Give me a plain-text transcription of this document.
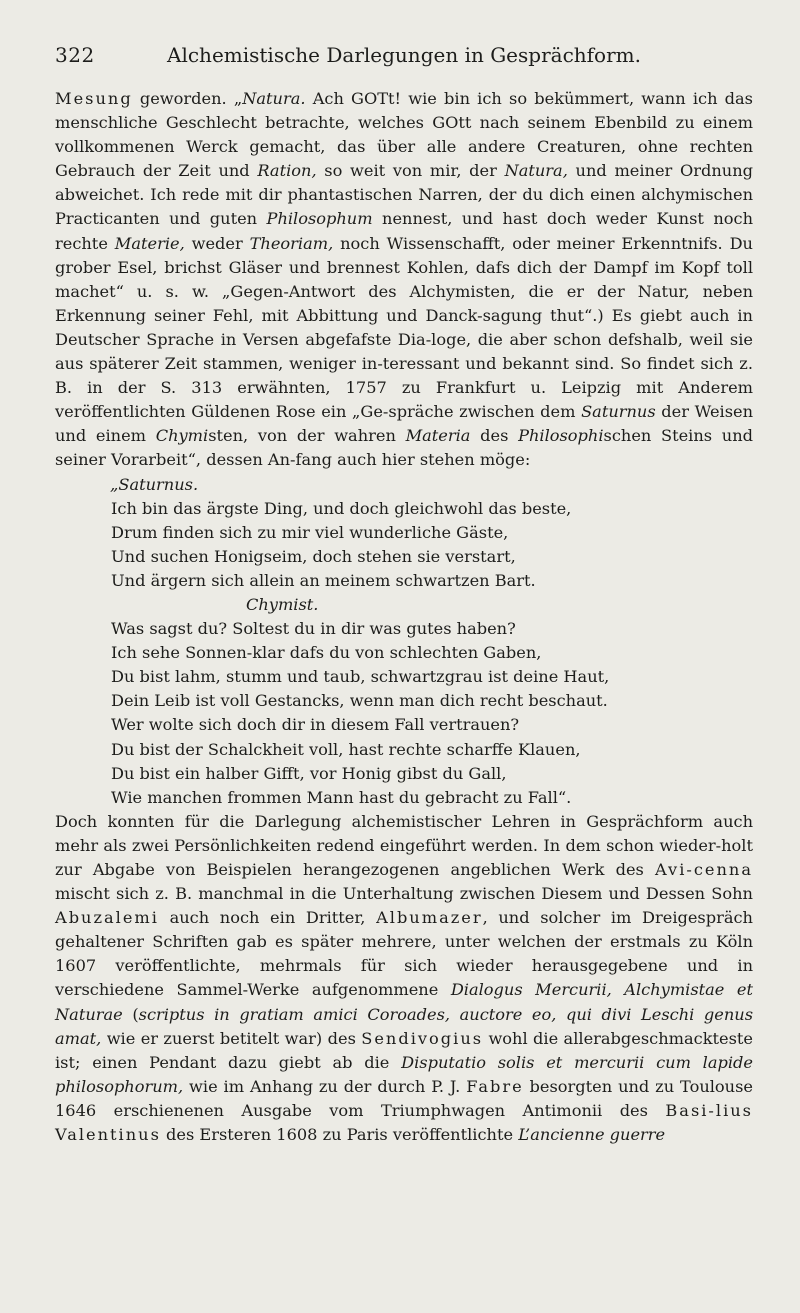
322	Alchemistische Darlegungen in Gesprächform.

Mesung geworden. „Natura. Ach GOTt! wie bin ich so bekümmert, wann ich das menschliche Geschlecht betrachte, welches GOtt nach seinem Ebenbild zu einem vollkommenen Werck gemacht, das über alle andere Creaturen, ohne rechten Gebrauch der Zeit und Ration, so weit von mir, der Natura, und meiner Ordnung abweichet. Ich rede mit dir phantastischen Narren, der du dich einen alchymischen Practicanten und guten Philosophum nennest, und hast doch weder Kunst noch rechte Materie, weder Theoriam, noch Wissenschafft, oder meiner Erkenntnifs. Du grober Esel, brichst Gläser und brennest Kohlen, dafs dich der Dampf im Kopf toll machet“ u. s. w. „Gegen-Antwort des Alchymisten, die er der Natur, neben Erkennung seiner Fehl, mit Abbittung und Danck-sagung thut“.) Es giebt auch in Deutscher Sprache in Versen abgefafste Dia-loge, die aber schon defshalb, weil sie aus späterer Zeit stammen, weniger in-teressant und bekannt sind. So findet sich z. B. in der S. 313 erwähnten, 1757 zu Frankfurt u. Leipzig mit Anderem veröffentlichten Güldenen Rose ein „Ge-spräche zwischen dem Saturnus der Weisen und einem Chymisten, von der wahren Materia des Philosophischen Steins und seiner Vorarbeit“, dessen An-fang auch hier stehen möge:

„Saturnus.
Ich bin das ärgste Ding, und doch gleichwohl das beste,
Drum finden sich zu mir viel wunderliche Gäste,
Und suchen Honigseim, doch stehen sie verstart,
Und ärgern sich allein an meinem schwartzen Bart.
Chymist.
Was sagst du? Soltest du in dir was gutes haben?
Ich sehe Sonnen-klar dafs du von schlechten Gaben,
Du bist lahm, stumm und taub, schwartzgrau ist deine Haut,
Dein Leib ist voll Gestancks, wenn man dich recht beschaut.
Wer wolte sich doch dir in diesem Fall vertrauen?
Du bist der Schalckheit voll, hast rechte scharffe Klauen,
Du bist ein halber Gifft, vor Honig gibst du Gall,
Wie manchen frommen Mann hast du gebracht zu Fall“.

Doch konnten für die Darlegung alchemistischer Lehren in Gesprächform auch mehr als zwei Persönlichkeiten redend eingeführt werden. In dem schon wieder-holt zur Abgabe von Beispielen herangezogenen angeblichen Werk des Avi-cenna mischt sich z. B. manchmal in die Unterhaltung zwischen Diesem und Dessen Sohn Abuzalemi auch noch ein Dritter, Albumazer, und solcher im Dreigespräch gehaltener Schriften gab es später mehrere, unter welchen der erstmals zu Köln 1607 veröffentlichte, mehrmals für sich wieder herausgegebene und in verschiedene Sammel-Werke aufgenommene Dialogus Mercurii, Alchymistae et Naturae (scriptus in gratiam amici Coroades, auctore eo, qui divi Leschi genus amat, wie er zuerst betitelt war) des Sendivogius wohl die allerabgeschmackteste ist; einen Pendant dazu giebt ab die Disputatio solis et mercurii cum lapide philosophorum, wie im Anhang zu der durch P. J. Fabre besorgten und zu Toulouse 1646 erschienenen Ausgabe vom Triumphwagen Antimonii des Basi-lius Valentinus des Ersteren 1608 zu Paris veröffentlichte L’ancienne guerre
